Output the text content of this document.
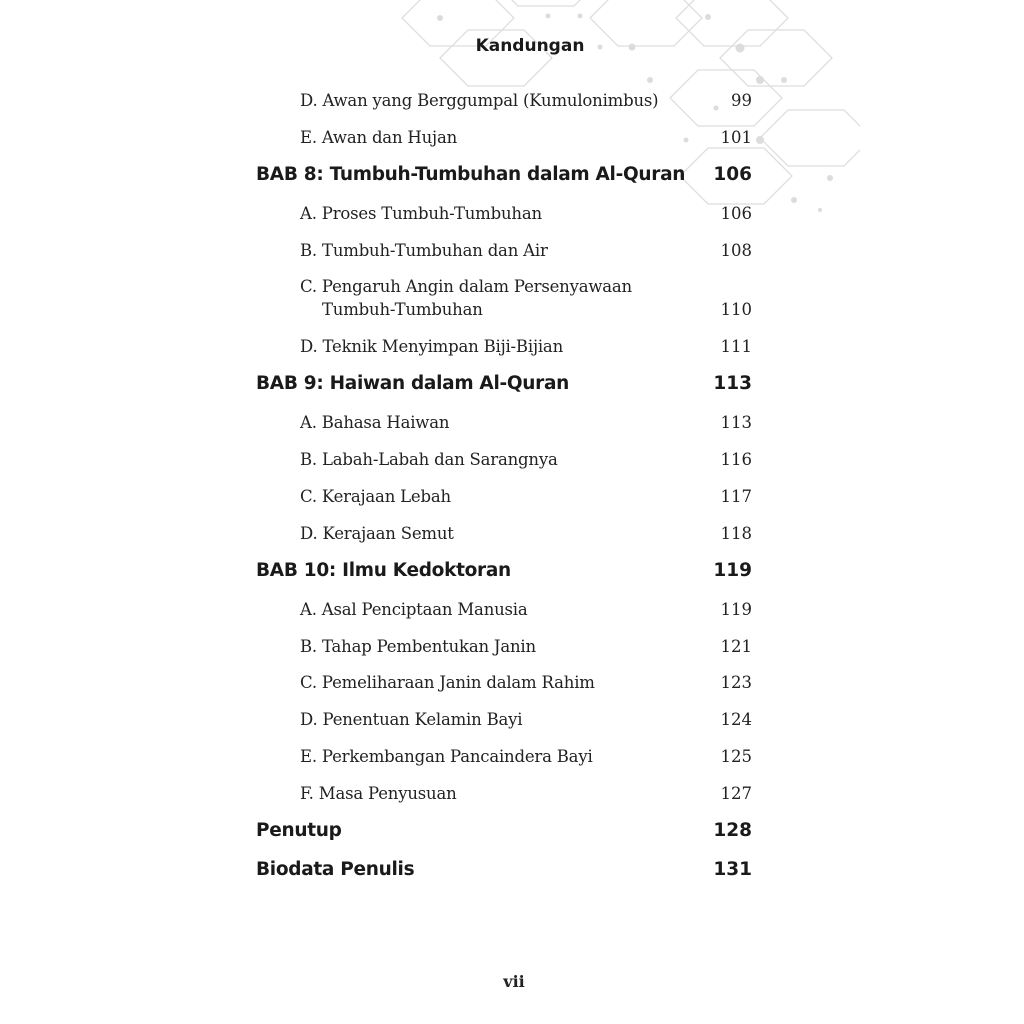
Kandungan
D. Awan yang Berggumpal (Kumulonimbus)	99
E. Awan dan Hujan	101
BAB 8: Tumbuh-Tumbuhan dalam Al-Quran 106
A. Proses Tumbuh-Tumbuhan	106
B. Tumbuh-Tumbuhan dan Air	108
C. Pengaruh Angin dalam Persenyawaan
Tumbuh-Tumbuhan	110
D. Teknik Menyimpan Biji-Bijian	111
BAB 9: Haiwan dalam Al-Quran	113
A. Bahasa Haiwan	113
B. Labah-Labah dan Sarangnya	116
C. Kerajaan Lebah	117
D. Kerajaan Semut	118
BAB 10: Ilmu Kedoktoran	119
A. Asal Penciptaan Manusia	119
B. Tahap Pembentukan Janin	121
C. Pemeliharaan Janin dalam Rahim	123
D. Penentuan Kelamin Bayi	124
E. Perkembangan Pancaindera Bayi	125
F. Masa Penyusuan	127
Penutup	128
Biodata Penulis	131
vii
